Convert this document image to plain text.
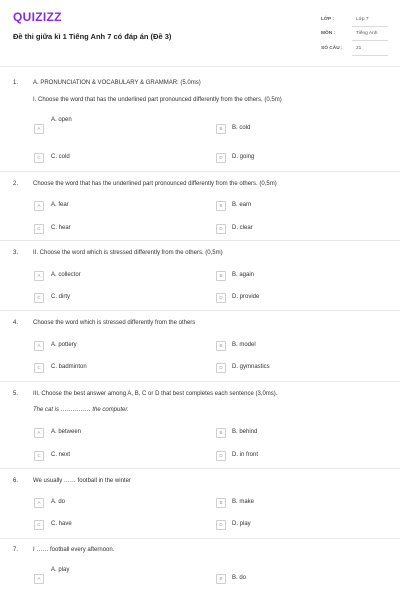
QUIZIZZ
Đề thi giữa kì 1 Tiếng Anh 7 có đáp án (Đề 3)
LỚP :	Lớp 7
MÔN :	Tiếng Anh
SỐ CÂU :	21
1. A. PRONUNCIATION & VOCABULARY & GRAMMAR: (5.0ms)
I. Choose the word that has the underlined part pronounced differently from the others. (0,5m)
A. open
A	B	B. cold
C	C. cold	D	D. going
2. Choose the word that has the underlined part pronounced differently from the others. (0,5m)
A	A. fear	B	B. earn
C	C. hear	D	D. clear
3. II. Choose the word which is stressed differently from the others. (0,5m)
A	A. collector	B	B. again
C	C. dirty	D	D. provide
4. Choose the word which is stressed differently from the others
A	A. pottery	B	B. model
C	C. badminton	D	D. gymnastics
5. III. Choose the best answer among A, B, C or D that best completes each sentence (3,0ms).
The cat is …………… the computer.
A	A. between	B	B. behind
C	C. next	D	D. in front
6. We usually …… football in the winter
A	A. do	B	B. make
C	C. have	D	D. play
7. I …… football every afternoon.
A. play
A	B	B. do
